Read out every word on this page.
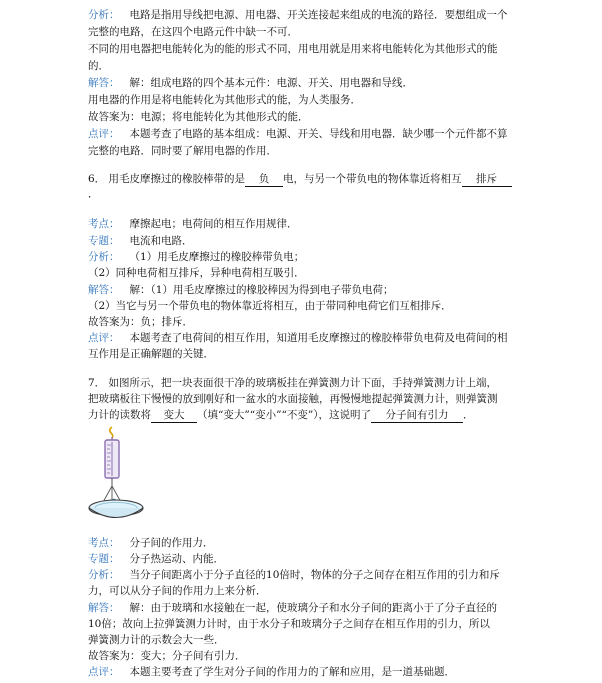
分析： 电路是指用导线把电源、用电器、开关连接起来组成的电流的路径．要想组成一个
完整的电路，在这四个电路元件中缺一不可．
不同的用电器把电能转化为的能的形式不同，用电用就是用来将电能转化为其他形式的能
的．
解答： 解：组成电路的四个基本元件：电源、开关、用电器和导线．
用电器的作用是将电能转化为其他形式的能，为人类服务．
故答案为：电源；将电能转化为其他形式的能．
点评： 本题考查了电路的基本组成：电源、开关、导线和用电器．缺少哪一个元件都不算
完整的电路．同时要了解用电器的作用．
6． 用毛皮摩擦过的橡胶棒带的是 负 电，与另一个带负电的物体靠近将相互 排斥
．
考点： 摩擦起电；电荷间的相互作用规律．
专题： 电流和电路．
分析： （1）用毛皮摩擦过的橡胶棒带负电；
（2）同种电荷相互排斥，异种电荷相互吸引．
解答： 解：（1）用毛皮摩擦过的橡胶棒因为得到电子带负电荷；
（2）当它与另一个带负电的物体靠近将相互，由于带同种电荷它们互相排斥．
故答案为：负；排斥．
点评： 本题考查了电荷间的相互作用，知道用毛皮摩擦过的橡胶棒带负电荷及电荷间的相
互作用是正确解题的关键．
7． 如图所示，把一块表面很干净的玻璃板挂在弹簧测力计下面，手持弹簧测力计上端，
把玻璃板往下慢慢的放到刚好和一盆水的水面接触，再慢慢地提起弹簧测力计，则弹簧测
力计的读数将 变大 （填“变大”“变小”“不变”），这说明了 分子间有引力 ．
考点： 分子间的作用力．
专题： 分子热运动、内能．
分析： 当分子间距离小于分子直径的10倍时，物体的分子之间存在相互作用的引力和斥
力，可以从分子间的作用力上来分析．
解答： 解：由于玻璃和水接触在一起，使玻璃分子和水分子间的距离小于了分子直径的
10倍；故向上拉弹簧测力计时，由于水分子和玻璃分子之间存在相互作用的引力，所以
弹簧测力计的示数会大一些．
故答案为：变大；分子间有引力．
点评： 本题主要考查了学生对分子间的作用力的了解和应用，是一道基础题．
